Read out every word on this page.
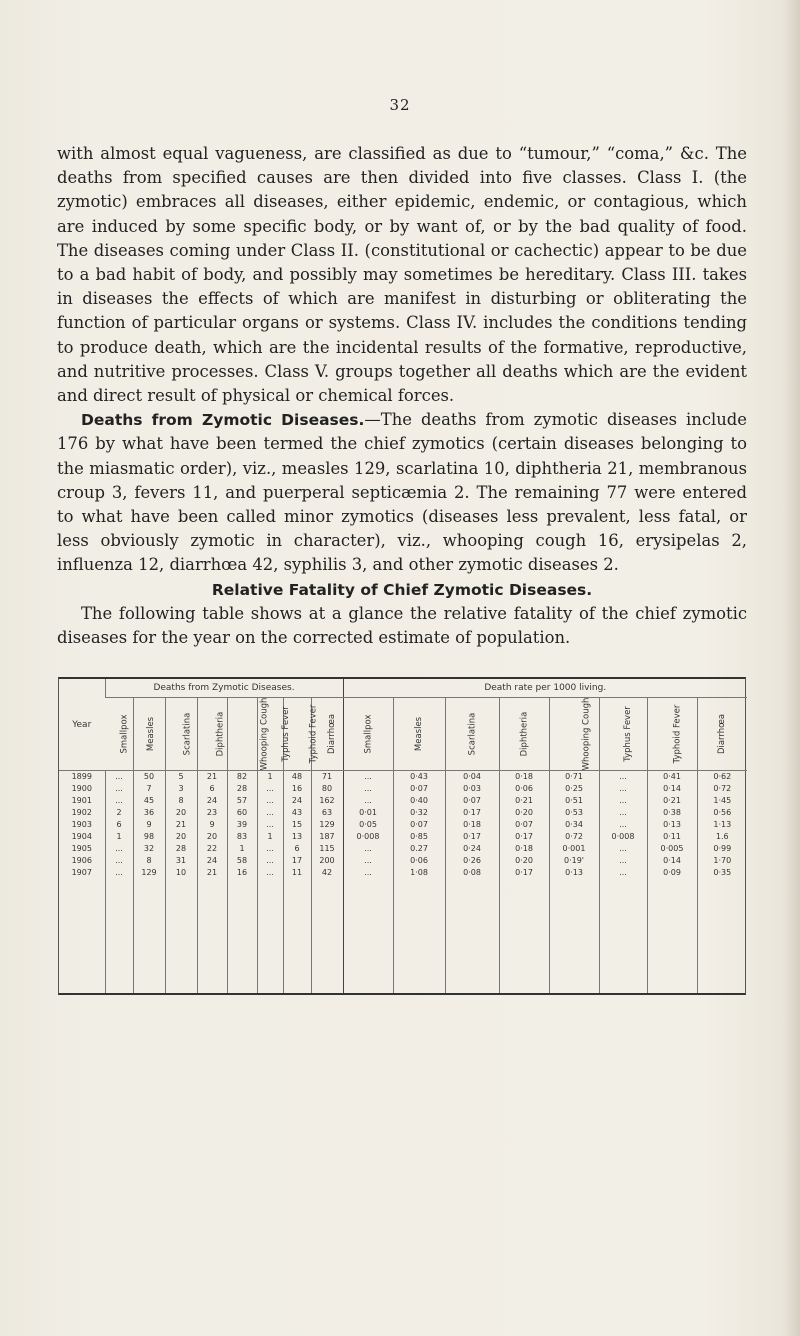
32

with almost equal vagueness, are classified as due to “tumour,” “coma,” &c. The deaths from specified causes are then divided into five classes. Class I. (the zymotic) embraces all diseases, either epidemic, endemic, or contagious, which are induced by some specific body, or by want of, or by the bad quality of food. The diseases coming under Class II. (constitutional or cachectic) appear to be due to a bad habit of body, and possibly may sometimes be hereditary. Class III. takes in diseases the effects of which are manifest in disturbing or obliterating the function of particular organs or systems. Class IV. includes the conditions tending to produce death, which are the incidental results of the formative, reproductive, and nutritive processes. Class V. groups together all deaths which are the evident and direct result of physical or chemical forces.

Deaths from Zymotic Diseases.—The deaths from zymotic diseases include 176 by what have been termed the chief zymotics (certain diseases belonging to the miasmatic order), viz., measles 129, scarlatina 10, diphtheria 21, membranous croup 3, fevers 11, and puerperal septicæmia 2. The remaining 77 were entered to what have been called minor zymotics (diseases less prevalent, less fatal, or less obviously zymotic in character), viz., whooping cough 16, erysipelas 2, influenza 12, diarrhœa 42, syphilis 3, and other zymotic diseases 2.

Relative Fatality of Chief Zymotic Diseases.

The following table shows at a glance the relative fatality of the chief zymotic diseases for the year on the corrected estimate of population.

Year	Deaths from Zymotic Diseases.								Death rate per 1000 living.							
	Smallpox	Measles	Scarlatina	Diphtheria	Whooping Cough	Typhus Fever	Typhoid Fever	Diarrhœa	Smallpox	Measles	Scarlatina	Diphtheria	Whooping Cough	Typhus Fever	Typhoid Fever	Diarrhœa
1899	...	50	5	21	82	1	48	71	...	0·43	0·04	0·18	0·71	...	0·41	0·62
1900	...	7	3	6	28	...	16	80	...	0·07	0·03	0·06	0·25	...	0·14	0·72
1901	...	45	8	24	57	...	24	162	...	0·40	0·07	0·21	0·51	...	0·21	1·45
1902	2	36	20	23	60	...	43	63	0·01	0·32	0·17	0·20	0·53	...	0·38	0·56
1903	6	9	21	9	39	...	15	129	0·05	0·07	0·18	0·07	0·34	...	0·13	1·13
1904	1	98	20	20	83	1	13	187	0·008	0·85	0·17	0·17	0·72	0·008	0·11	1.6
1905	...	32	28	22	1	...	6	115	...	0.27	0·24	0·18	0·001	...	0·005	0·99
1906	...	8	31	24	58	...	17	200	...	0·06	0·26	0·20	0·19'	...	0·14	1·70
1907	...	129	10	21	16	...	11	42	...	1·08	0·08	0·17	0·13	...	0·09	0·35
